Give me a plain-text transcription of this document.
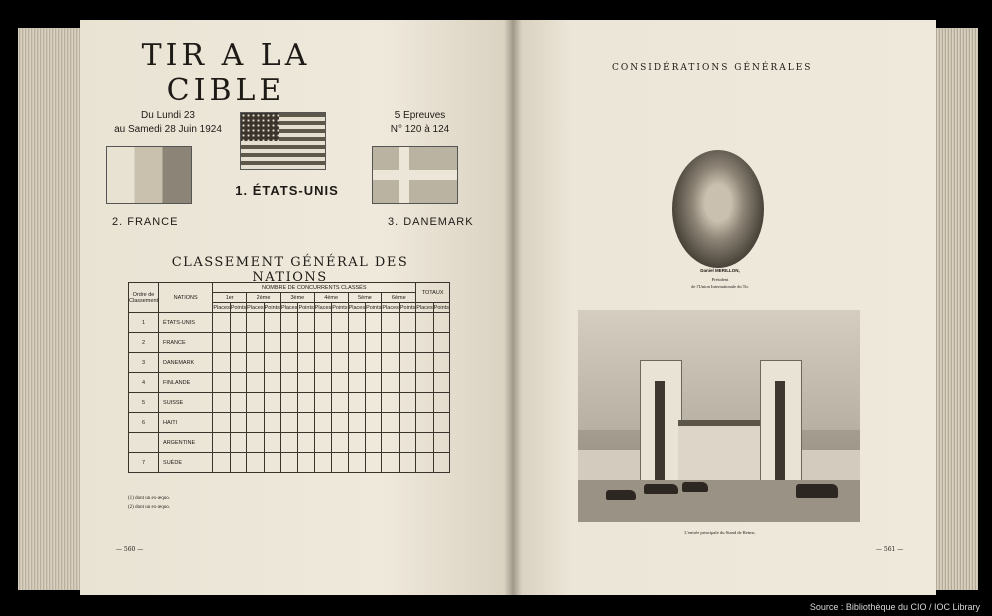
TIR A LA CIBLE
Du Lundi 23
au Samedi 28 Juin 1924
5 Epreuves
N° 120 à 124
1. ÉTATS-UNIS
2. FRANCE	3. DANEMARK
CLASSEMENT GÉNÉRAL DES NATIONS
Ordre de Classement	NATIONS	NOMBRE DE CONCURRENTS CLASSÉS												TOTAUX	
		1er		2ème		3ème		4ème		5ème		6ème			
		Places	Points	Places	Points	Places	Points	Places	Points	Places	Points	Places	Points	Places	Points
1	ÉTATS-UNIS														
2	FRANCE														
3	DANEMARK														
4	FINLANDE														
5	SUISSE														
6	HAITI														
	ARGENTINE														
7	SUÈDE														
(1) dont un ex-æquo.
(2) dont un ex-æquo.
— 560 —
CONSIDÉRATIONS GÉNÉRALES

Daniel MERILLON,
Président
de l'Union Internationale du Tir.
L'entrée principale du Stand de Reims.
— 561 —
Source : Bibliothèque du CIO / IOC Library
